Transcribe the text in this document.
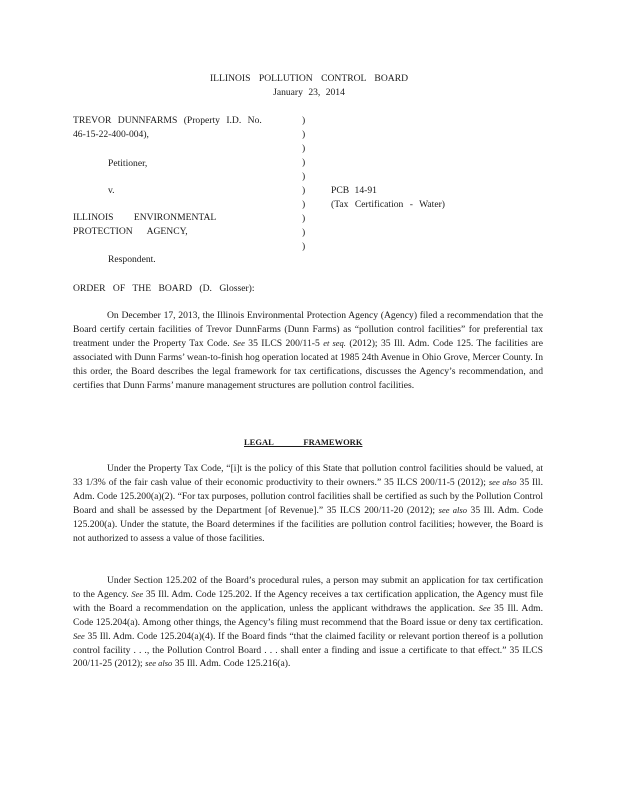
ILLINOIS POLLUTION CONTROL BOARD
January 23, 2014
TREVOR DUNNFARMS (Property I.D. No.
46-15-22-400-004),
Petitioner,
v.
ILLINOIS ENVIRONMENTAL
PROTECTION AGENCY,
Respondent.
)
)
)
)
)
)
)
)
)
)
PCB 14-91
(Tax Certification - Water)
ORDER OF THE BOARD (D. Glosser):
On December 17, 2013, the Illinois Environmental Protection Agency (Agency) filed a recommendation that the Board certify certain facilities of Trevor DunnFarms (Dunn Farms) as “pollution control facilities” for preferential tax treatment under the Property Tax Code. See 35 ILCS 200/11-5 et seq. (2012); 35 Ill. Adm. Code 125. The facilities are associated with Dunn Farms’ wean-to-finish hog operation located at 1985 24th Avenue in Ohio Grove, Mercer County. In this order, the Board describes the legal framework for tax certifications, discusses the Agency’s recommendation, and certifies that Dunn Farms’ manure management structures are pollution control facilities.
LEGAL FRAMEWORK
Under the Property Tax Code, “[i]t is the policy of this State that pollution control facilities should be valued, at 33 1/3% of the fair cash value of their economic productivity to their owners.” 35 ILCS 200/11-5 (2012); see also 35 Ill. Adm. Code 125.200(a)(2). “For tax purposes, pollution control facilities shall be certified as such by the Pollution Control Board and shall be assessed by the Department [of Revenue].” 35 ILCS 200/11-20 (2012); see also 35 Ill. Adm. Code 125.200(a). Under the statute, the Board determines if the facilities are pollution control facilities; however, the Board is not authorized to assess a value of those facilities.
Under Section 125.202 of the Board’s procedural rules, a person may submit an application for tax certification to the Agency. See 35 Ill. Adm. Code 125.202. If the Agency receives a tax certification application, the Agency must file with the Board a recommendation on the application, unless the applicant withdraws the application. See 35 Ill. Adm. Code 125.204(a). Among other things, the Agency’s filing must recommend that the Board issue or deny tax certification. See 35 Ill. Adm. Code 125.204(a)(4). If the Board finds “that the claimed facility or relevant portion thereof is a pollution control facility . . ., the Pollution Control Board . . . shall enter a finding and issue a certificate to that effect.” 35 ILCS 200/11-25 (2012); see also 35 Ill. Adm. Code 125.216(a).
